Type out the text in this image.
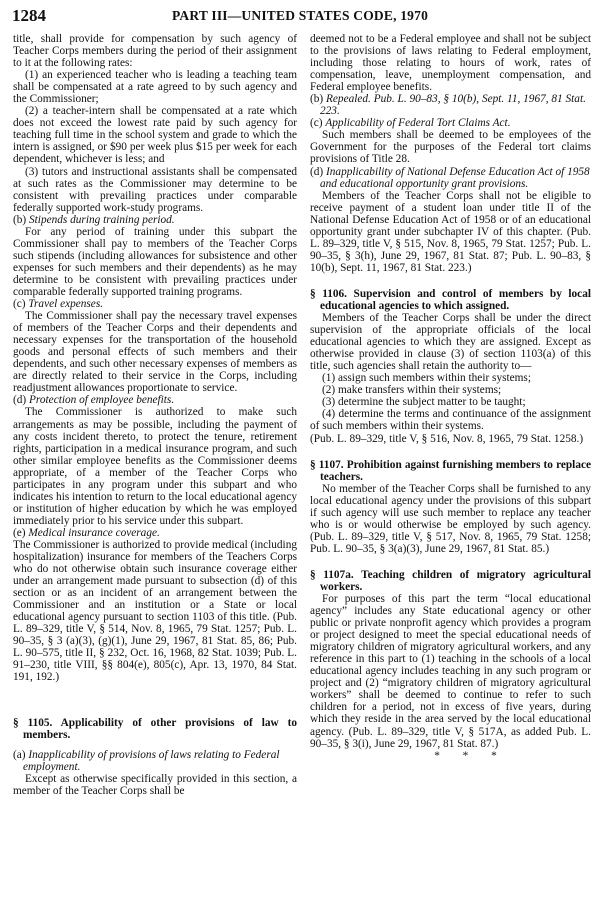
1284	PART III—UNITED STATES CODE, 1970

title, shall provide for compensation by such agency of Teacher Corps members during the period of their assignment to it at the following rates:

(1) an experienced teacher who is leading a teaching team shall be compensated at a rate agreed to by such agency and the Commissioner;

(2) a teacher-intern shall be compensated at a rate which does not exceed the lowest rate paid by such agency for teaching full time in the school system and grade to which the intern is assigned, or $90 per week plus $15 per week for each dependent, whichever is less; and

(3) tutors and instructional assistants shall be compensated at such rates as the Commissioner may determine to be consistent with prevailing practices under comparable federally supported work-study programs.

(b) Stipends during training period.

For any period of training under this subpart the Commissioner shall pay to members of the Teacher Corps such stipends (including allowances for subsistence and other expenses for such members and their dependents) as he may determine to be consistent with prevailing practices under comparable federally supported training programs.

(c) Travel expenses.

The Commissioner shall pay the necessary travel expenses of members of the Teacher Corps and their dependents and necessary expenses for the transportation of the household goods and personal effects of such members and their dependents, and such other necessary expenses of members as are directly related to their service in the Corps, including readjustment allowances proportionate to service.

(d) Protection of employee benefits.

The Commissioner is authorized to make such arrangements as may be possible, including the payment of any costs incident thereto, to protect the tenure, retirement rights, participation in a medical insurance program, and such other similar employee benefits as the Commissioner deems appropriate, of a member of the Teacher Corps who participates in any program under this subpart and who indicates his intention to return to the local educational agency or institution of higher education by which he was employed immediately prior to his service under this subpart.

(e) Medical insurance coverage.

The Commissioner is authorized to provide medical (including hospitalization) insurance for members of the Teachers Corps who do not otherwise obtain such insurance coverage either under an arrangement made pursuant to subsection (d) of this section or as an incident of an arrangement between the Commissioner and an institution or a State or local educational agency pursuant to section 1103 of this title. (Pub. L. 89–329, title V, § 514, Nov. 8, 1965, 79 Stat. 1257; Pub. L. 90–35, § 3 (a)(3), (g)(1), June 29, 1967, 81 Stat. 85, 86; Pub. L. 90–575, title II, § 232, Oct. 16, 1968, 82 Stat. 1039; Pub. L. 91–230, title VIII, §§ 804(e), 805(c), Apr. 13, 1970, 84 Stat. 191, 192.)

§ 1105. Applicability of other provisions of law to members.

(a) Inapplicability of provisions of laws relating to Federal employment.

Except as otherwise specifically provided in this section, a member of the Teacher Corps shall be

deemed not to be a Federal employee and shall not be subject to the provisions of laws relating to Federal employment, including those relating to hours of work, rates of compensation, leave, unemployment compensation, and Federal employee benefits.

(b) Repealed. Pub. L. 90–83, § 10(b), Sept. 11, 1967, 81 Stat. 223.

(c) Applicability of Federal Tort Claims Act.

Such members shall be deemed to be employees of the Government for the purposes of the Federal tort claims provisions of Title 28.

(d) Inapplicability of National Defense Education Act of 1958 and educational opportunity grant provisions.

Members of the Teacher Corps shall not be eligible to receive payment of a student loan under title II of the National Defense Education Act of 1958 or of an educational opportunity grant under subchapter IV of this chapter. (Pub. L. 89–329, title V, § 515, Nov. 8, 1965, 79 Stat. 1257; Pub. L. 90–35, § 3(h), June 29, 1967, 81 Stat. 87; Pub. L. 90–83, § 10(b), Sept. 11, 1967, 81 Stat. 223.)

§ 1106. Supervision and control of members by local educational agencies to which assigned.

Members of the Teacher Corps shall be under the direct supervision of the appropriate officials of the local educational agencies to which they are assigned. Except as otherwise provided in clause (3) of section 1103(a) of this title, such agencies shall retain the authority to—

(1) assign such members within their systems;

(2) make transfers within their systems;

(3) determine the subject matter to be taught;

(4) determine the terms and continuance of the assignment of such members within their systems.

(Pub. L. 89–329, title V, § 516, Nov. 8, 1965, 79 Stat. 1258.)

§ 1107. Prohibition against furnishing members to replace teachers.

No member of the Teacher Corps shall be furnished to any local educational agency under the provisions of this subpart if such agency will use such member to replace any teacher who is or would otherwise be employed by such agency. (Pub. L. 89–329, title V, § 517, Nov. 8, 1965, 79 Stat. 1258; Pub. L. 90–35, § 3(a)(3), June 29, 1967, 81 Stat. 85.)

§ 1107a. Teaching children of migratory agricultural workers.

For purposes of this part the term “local educational agency” includes any State educational agency or other public or private nonprofit agency which provides a program or project designed to meet the special educational needs of migratory children of migratory agricultural workers, and any reference in this part to (1) teaching in the schools of a local educational agency includes teaching in any such program or project and (2) “migratory children of migratory agricultural workers” shall be deemed to continue to refer to such children for a period, not in excess of five years, during which they reside in the area served by the local educational agency. (Pub. L. 89–329, title V, § 517A, as added Pub. L. 90–35, § 3(i), June 29, 1967, 81 Stat. 87.)

* * *
